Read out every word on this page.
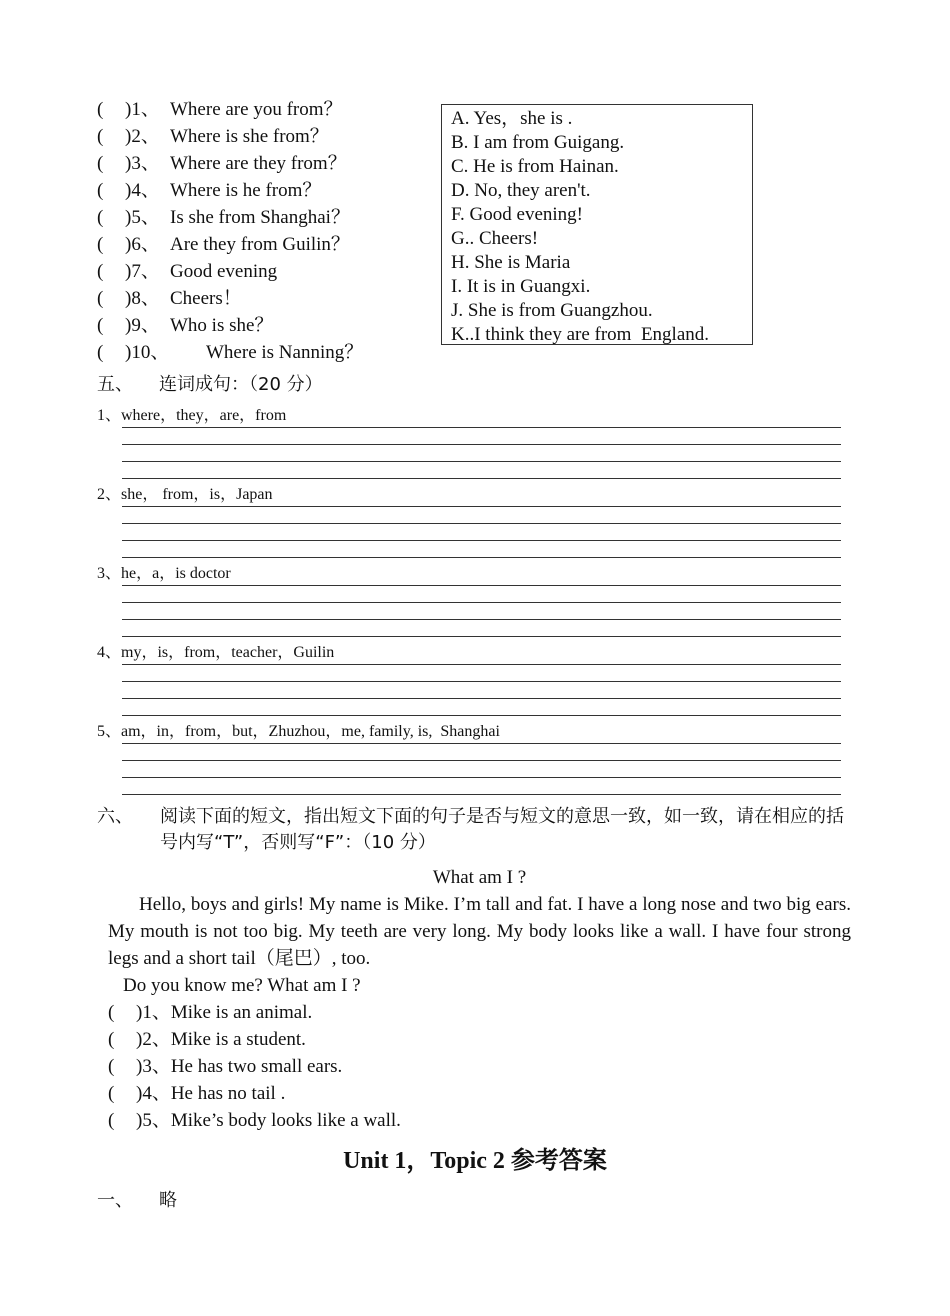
( )1、 Where are you from？
( )2、 Where is she from？
( )3、 Where are they from？
( )4、 Where is he from？
( )5、 Is she from Shanghai？
( )6、 Are they from Guilin？
( )7、 Good evening
( )8、 Cheers！
( )9、 Who is she？
( )10、 Where is Nanning？
A. Yes，she is .
B. I am from Guigang.
C. He is from Hainan.
D. No, they aren't.
F. Good evening!
G.. Cheers!
H. She is Maria
I. It is in Guangxi.
J. She is from Guangzhou.
K..I think they are from  England.
五、 连词成句：（20 分）
1、where，they，are，from
2、she， from，is，Japan
3、he，a，is doctor
4、my，is，from，teacher，Guilin
5、am，in，from，but，Zhuzhou，me, family, is,  Shanghai
六、	阅读下面的短文，指出短文下面的句子是否与短文的意思一致，如一致，请在相应的括号内写“T”，否则写“F”：（10 分）
What am I ?
Hello, boys and girls! My name is Mike. I’m tall and fat. I have a long nose and two big ears. My mouth is not too big. My teeth are very long. My body looks like a wall. I have four strong legs and a short tail（尾巴）, too.
Do you know me? What am I ?
( )1、Mike is an animal.
( )2、Mike is a student.
( )3、He has two small ears.
( )4、He has no tail .
( )5、Mike’s body looks like a wall.
Unit 1，Topic 2 参考答案
一、 略
